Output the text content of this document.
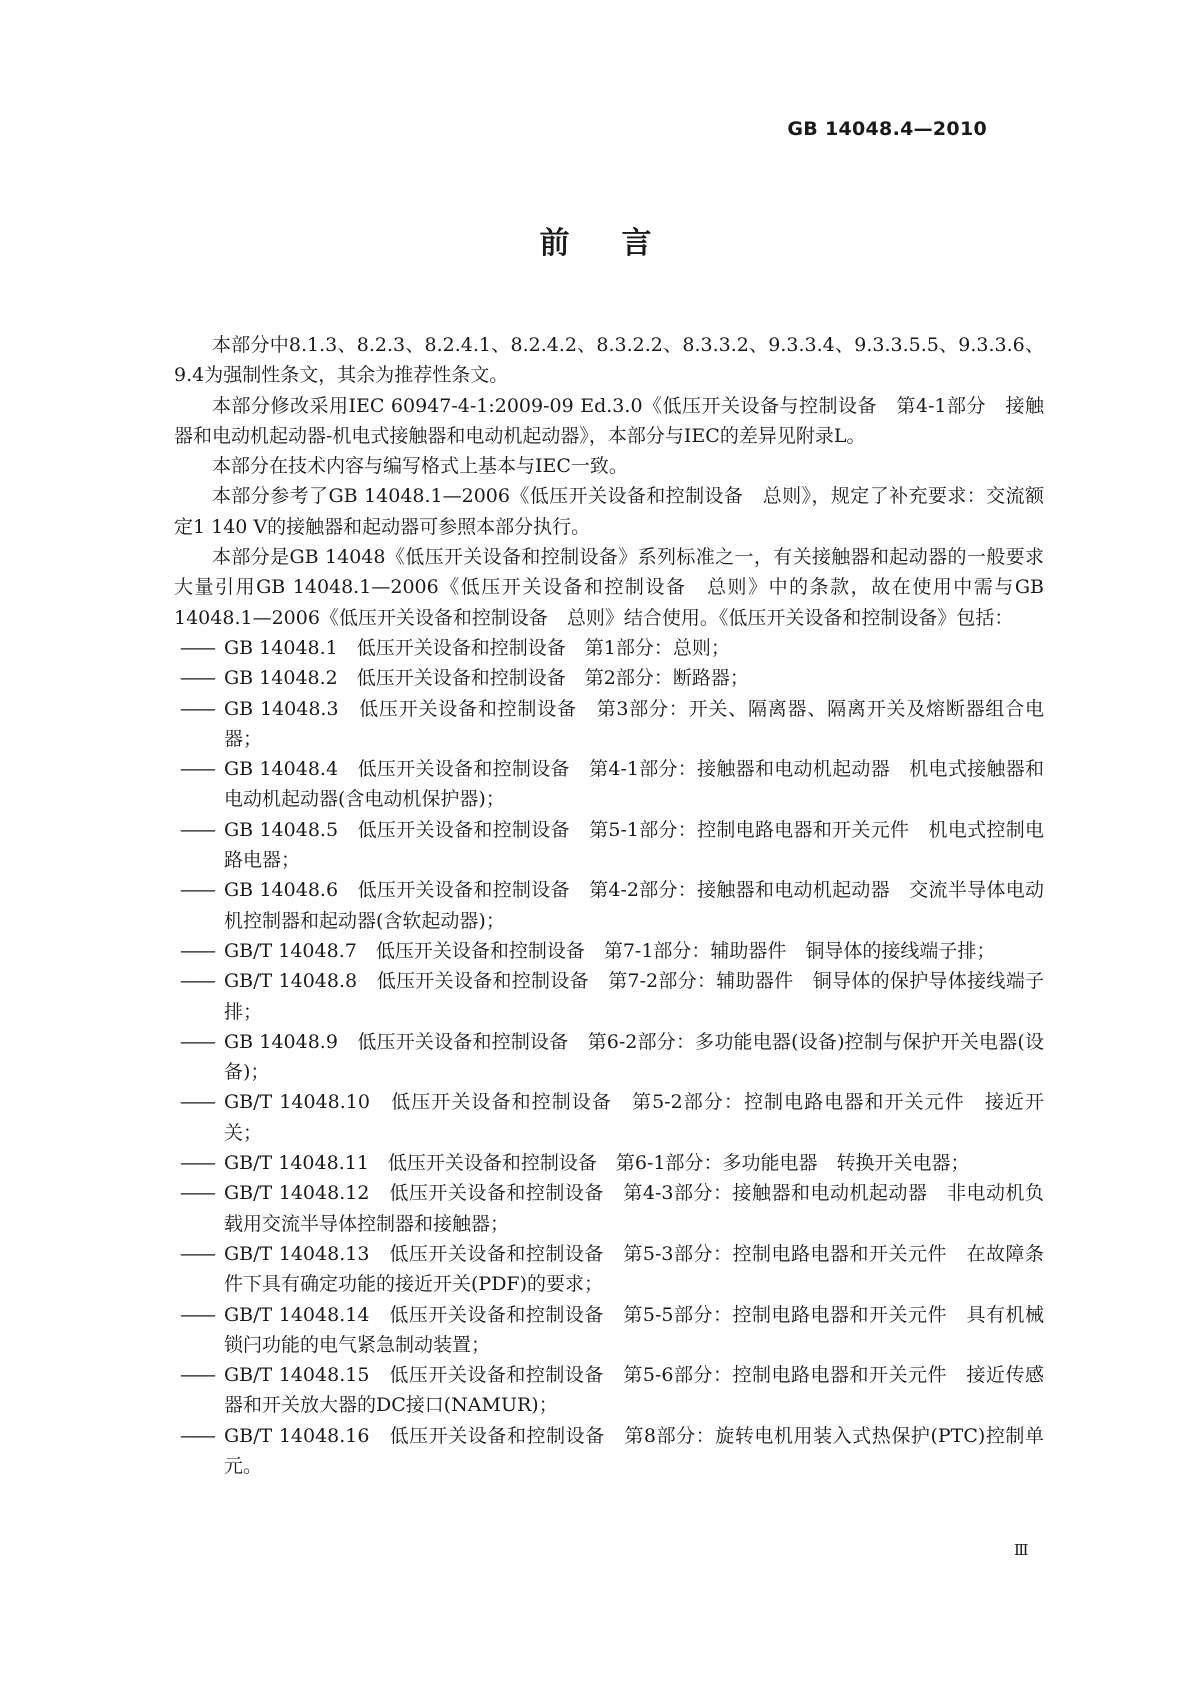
GB 14048.4—2010
前言

本部分中8.1.3、8.2.3、8.2.4.1、8.2.4.2、8.3.2.2、8.3.3.2、9.3.3.4、9.3.3.5.5、9.3.3.6、9.4为强制性条文，其余为推荐性条文。

本部分修改采用IEC 60947-4-1:2009-09 Ed.3.0《低压开关设备与控制设备　第4-1部分　接触器和电动机起动器-机电式接触器和电动机起动器》，本部分与IEC的差异见附录L。

本部分在技术内容与编写格式上基本与IEC一致。

本部分参考了GB 14048.1—2006《低压开关设备和控制设备　总则》，规定了补充要求：交流额定1 140 V的接触器和起动器可参照本部分执行。

本部分是GB 14048《低压开关设备和控制设备》系列标准之一，有关接触器和起动器的一般要求大量引用GB 14048.1—2006《低压开关设备和控制设备　总则》中的条款，故在使用中需与GB 14048.1—2006《低压开关设备和控制设备　总则》结合使用。《低压开关设备和控制设备》包括：

—— GB 14048.1　低压开关设备和控制设备　第1部分：总则；
—— GB 14048.2　低压开关设备和控制设备　第2部分：断路器；
—— GB 14048.3　低压开关设备和控制设备　第3部分：开关、隔离器、隔离开关及熔断器组合电器；
—— GB 14048.4　低压开关设备和控制设备　第4-1部分：接触器和电动机起动器　机电式接触器和电动机起动器(含电动机保护器)；
—— GB 14048.5　低压开关设备和控制设备　第5-1部分：控制电路电器和开关元件　机电式控制电路电器；
—— GB 14048.6　低压开关设备和控制设备　第4-2部分：接触器和电动机起动器　交流半导体电动机控制器和起动器(含软起动器)；
—— GB/T 14048.7　低压开关设备和控制设备　第7-1部分：辅助器件　铜导体的接线端子排；
—— GB/T 14048.8　低压开关设备和控制设备　第7-2部分：辅助器件　铜导体的保护导体接线端子排；
—— GB 14048.9　低压开关设备和控制设备　第6-2部分：多功能电器(设备)控制与保护开关电器(设备)；
—— GB/T 14048.10　低压开关设备和控制设备　第5-2部分：控制电路电器和开关元件　接近开关；
—— GB/T 14048.11　低压开关设备和控制设备　第6-1部分：多功能电器　转换开关电器；
—— GB/T 14048.12　低压开关设备和控制设备　第4-3部分：接触器和电动机起动器　非电动机负载用交流半导体控制器和接触器；
—— GB/T 14048.13　低压开关设备和控制设备　第5-3部分：控制电路电器和开关元件　在故障条件下具有确定功能的接近开关(PDF)的要求；
—— GB/T 14048.14　低压开关设备和控制设备　第5-5部分：控制电路电器和开关元件　具有机械锁闩功能的电气紧急制动装置；
—— GB/T 14048.15　低压开关设备和控制设备　第5-6部分：控制电路电器和开关元件　接近传感器和开关放大器的DC接口(NAMUR)；
—— GB/T 14048.16　低压开关设备和控制设备　第8部分：旋转电机用装入式热保护(PTC)控制单元。
Ⅲ
